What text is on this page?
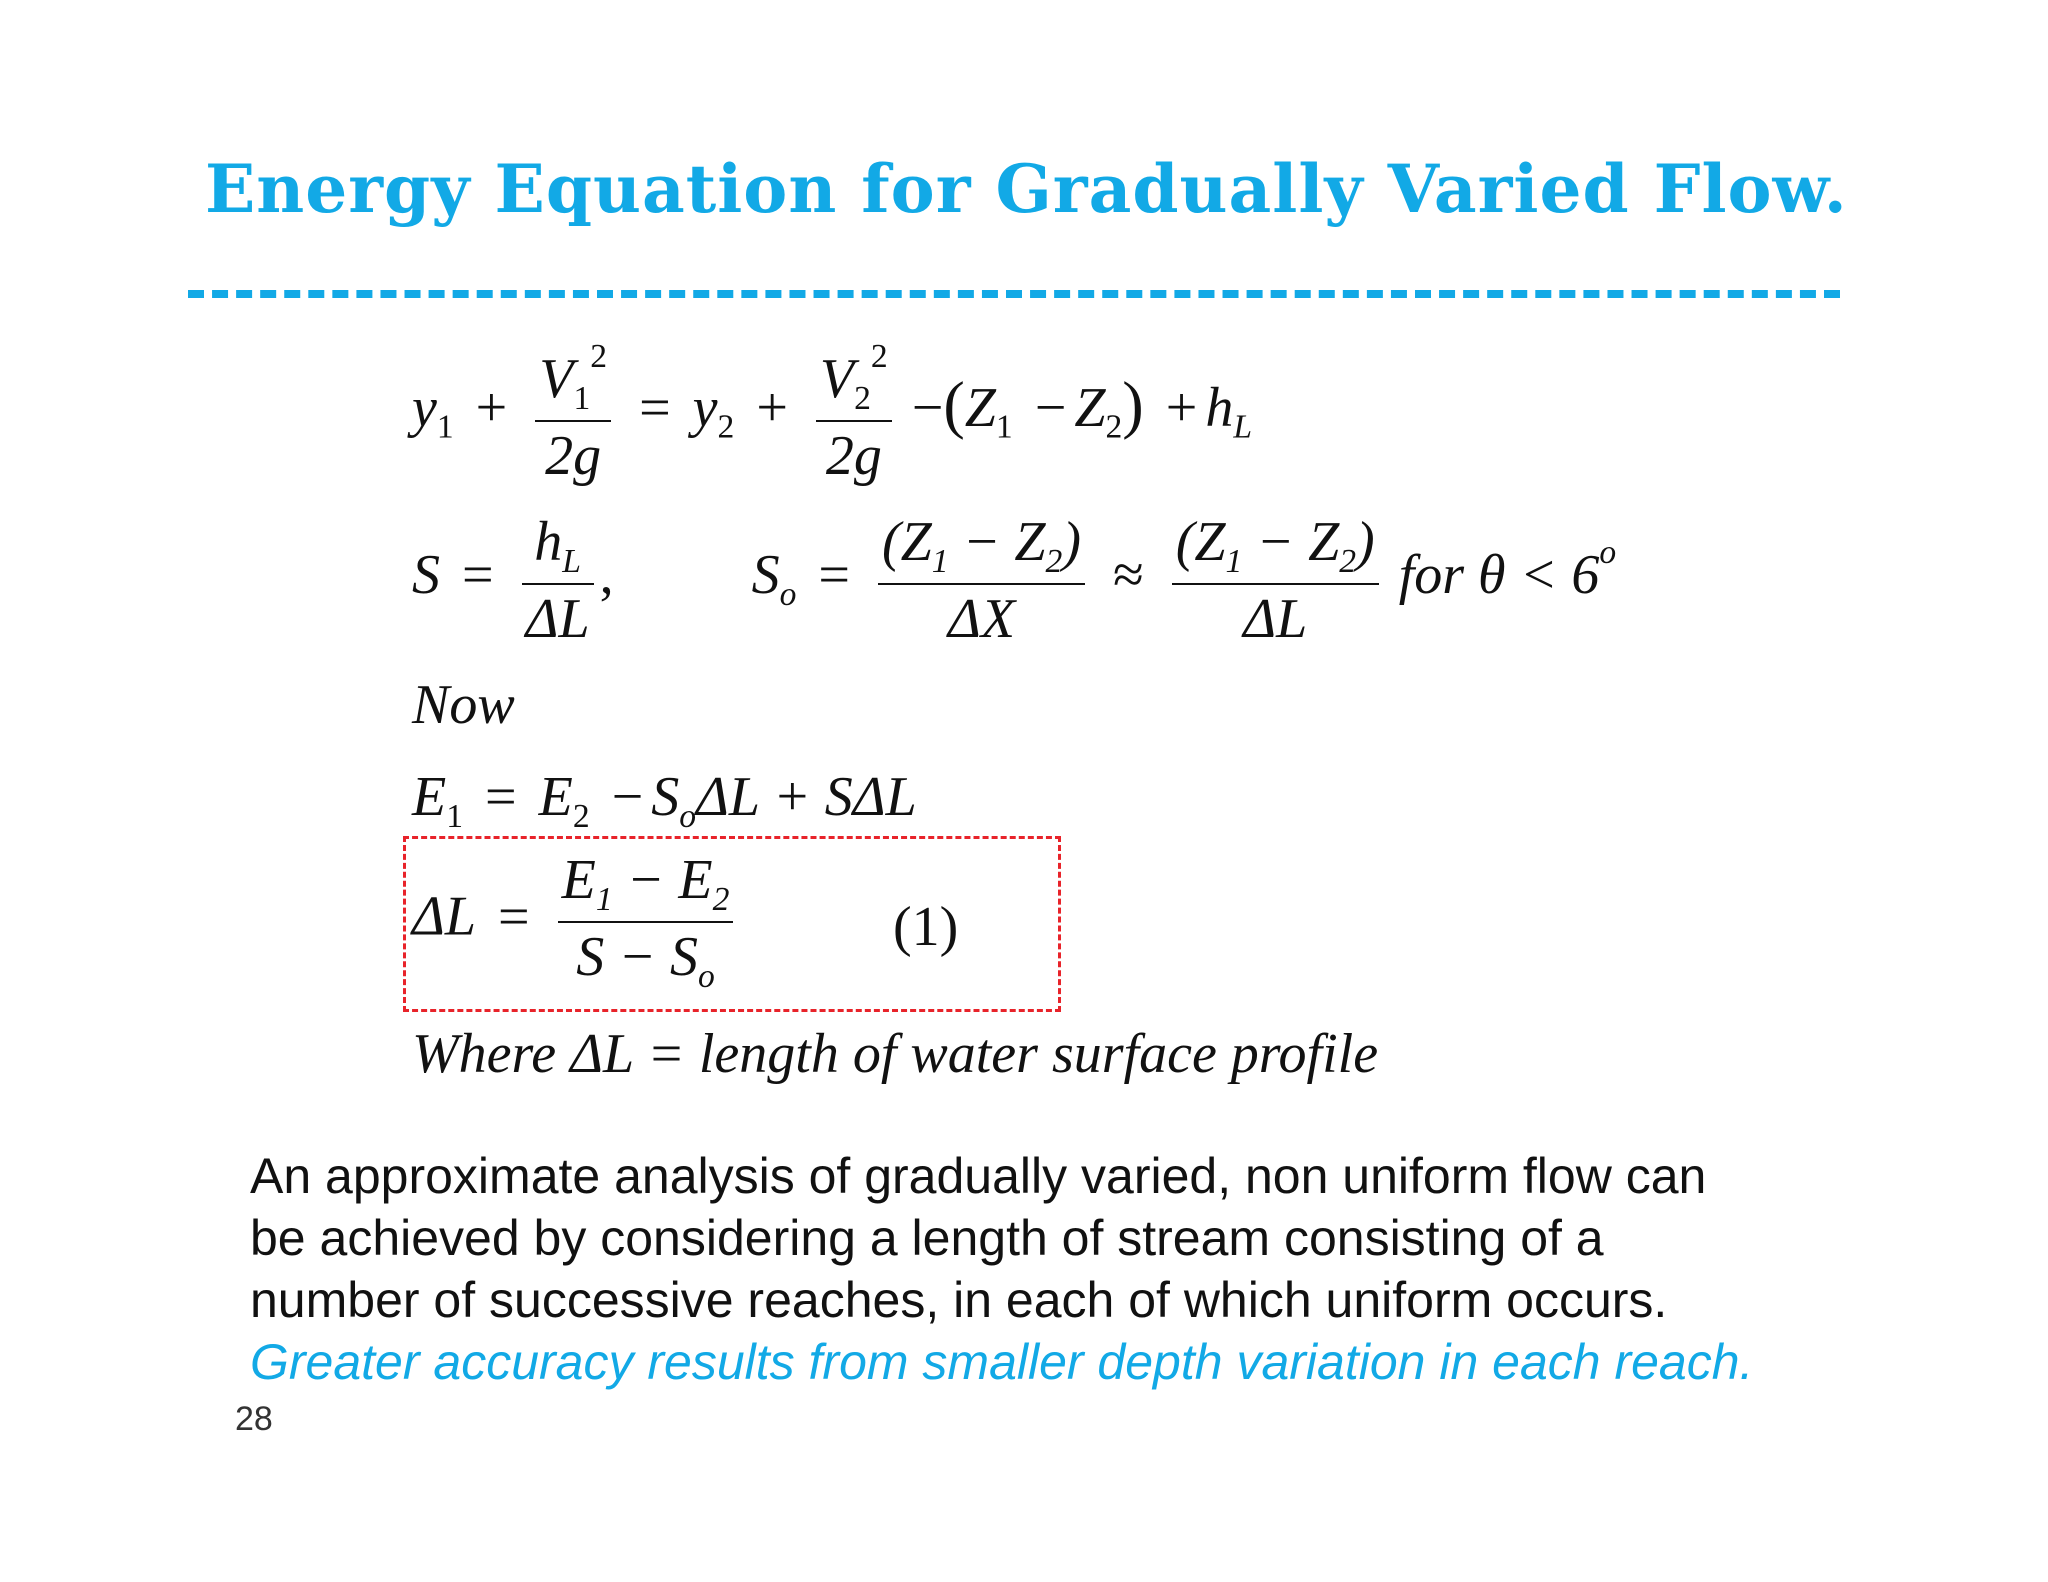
Energy Equation for Gradually Varied Flow.
$y_1 + \frac{V_1^2}{2g} = y_2 + \frac{V_2^2}{2g} -(Z_1 - Z_2) + h_L$
$S = \frac{h_L}{\Delta L}$ , $S_o = \frac{(Z_1 - Z_2)}{\Delta X} \approx \frac{(Z_1 - Z_2)}{\Delta L}$ for $\theta < 6^o$
Now
$E_1 = E_2 - S_o\Delta L + S\Delta L$
$\Delta L = \frac{E_1 - E_2}{S - S_o}$	(1)
Where ΔL = length of water surface profile
An approximate analysis of gradually varied, non uniform flow can
be achieved by considering a length of stream consisting of a
number of successive reaches, in each of which uniform occurs.
Greater accuracy results from smaller depth variation in each reach.
28
